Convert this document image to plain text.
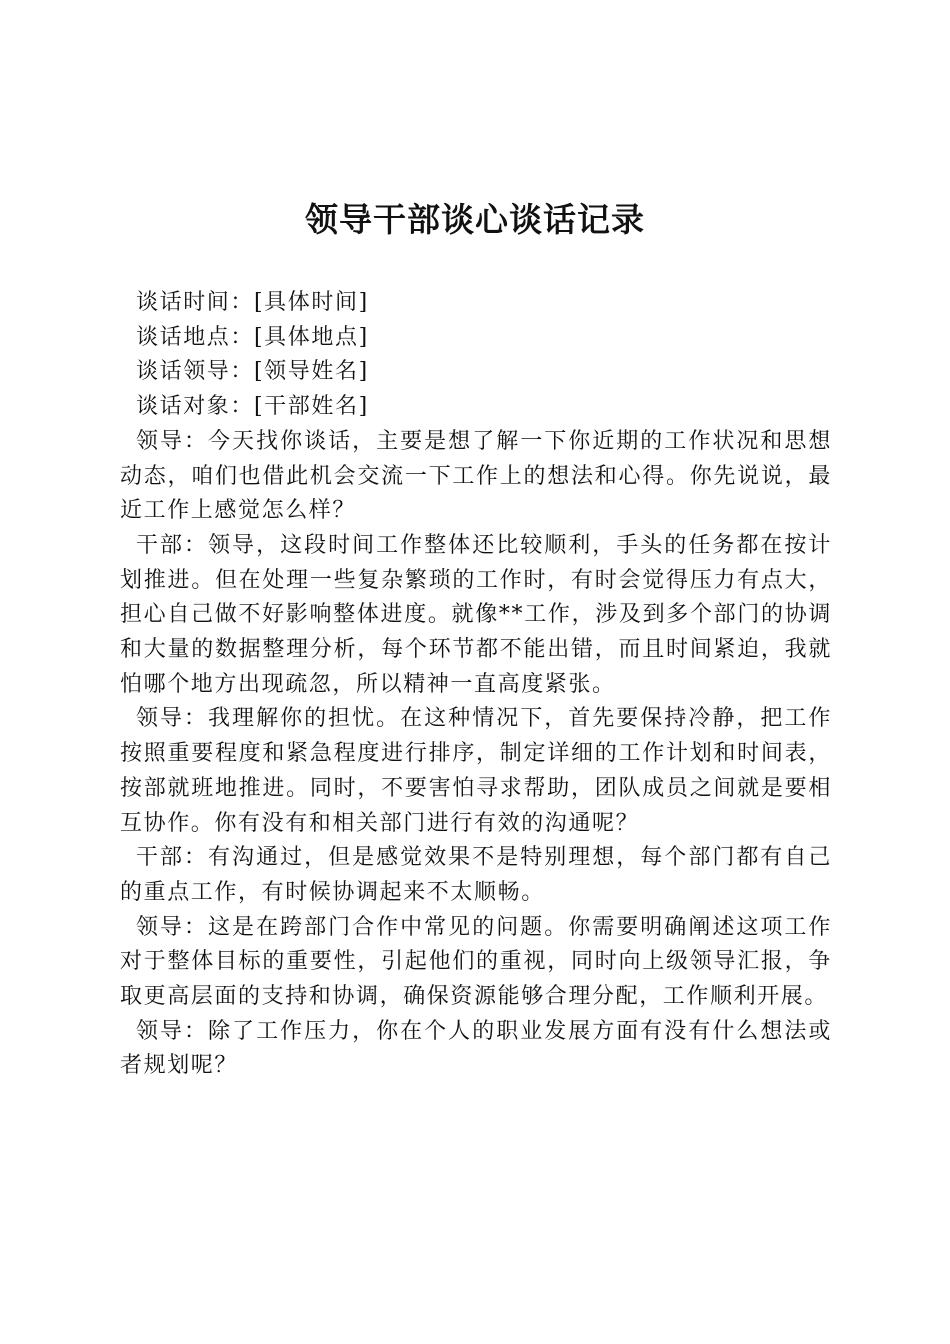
领导干部谈心谈话记录
谈话时间：[具体时间]
谈话地点：[具体地点]
谈话领导：[领导姓名]
谈话对象：[干部姓名]

领导：今天找你谈话，主要是想了解一下你近期的工作状况和思想动态，咱们也借此机会交流一下工作上的想法和心得。你先说说，最近工作上感觉怎么样？

干部：领导，这段时间工作整体还比较顺利，手头的任务都在按计划推进。但在处理一些复杂繁琐的工作时，有时会觉得压力有点大，担心自己做不好影响整体进度。就像**工作，涉及到多个部门的协调和大量的数据整理分析，每个环节都不能出错，而且时间紧迫，我就怕哪个地方出现疏忽，所以精神一直高度紧张。

领导：我理解你的担忧。在这种情况下，首先要保持冷静，把工作按照重要程度和紧急程度进行排序，制定详细的工作计划和时间表，按部就班地推进。同时，不要害怕寻求帮助，团队成员之间就是要相互协作。你有没有和相关部门进行有效的沟通呢？

干部：有沟通过，但是感觉效果不是特别理想，每个部门都有自己的重点工作，有时候协调起来不太顺畅。

领导：这是在跨部门合作中常见的问题。你需要明确阐述这项工作对于整体目标的重要性，引起他们的重视，同时向上级领导汇报，争取更高层面的支持和协调，确保资源能够合理分配，工作顺利开展。

领导：除了工作压力，你在个人的职业发展方面有没有什么想法或者规划呢？
